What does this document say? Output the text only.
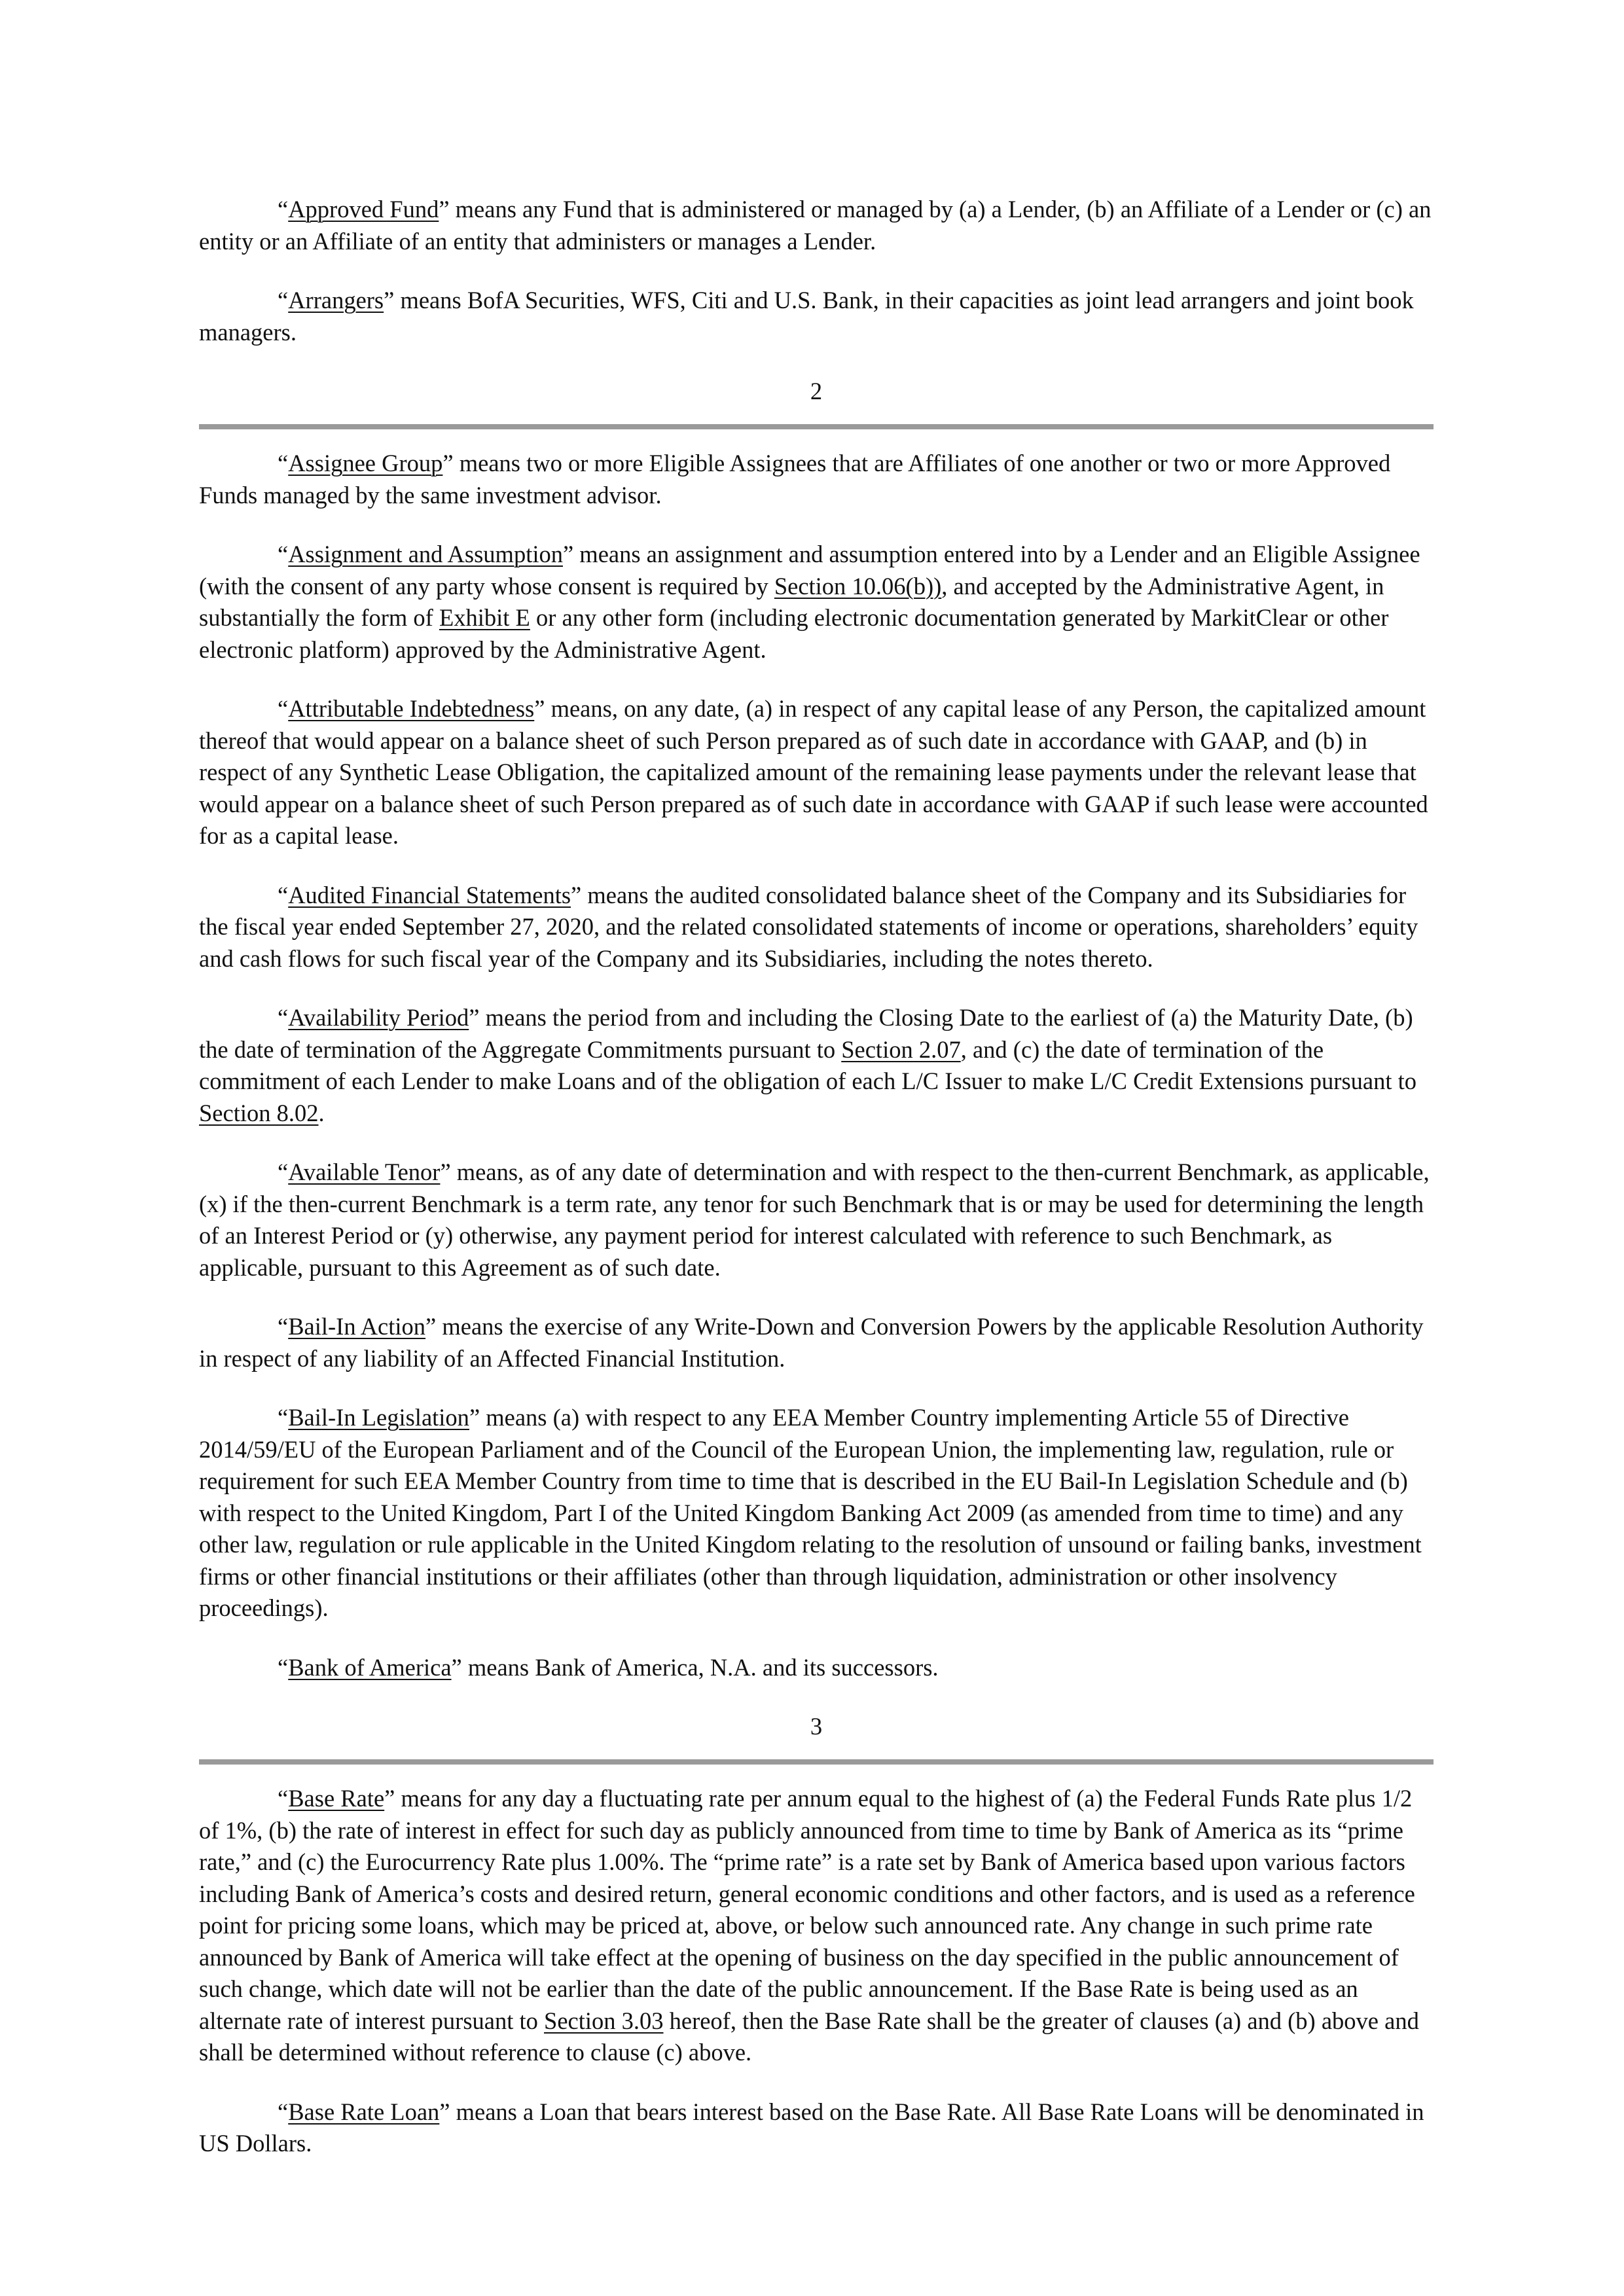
“Approved Fund” means any Fund that is administered or managed by (a) a Lender, (b) an Affiliate of a Lender or (c) an entity or an Affiliate of an entity that administers or manages a Lender.

“Arrangers” means BofA Securities, WFS, Citi and U.S. Bank, in their capacities as joint lead arrangers and joint book managers.

2

“Assignee Group” means two or more Eligible Assignees that are Affiliates of one another or two or more Approved Funds managed by the same investment advisor.

“Assignment and Assumption” means an assignment and assumption entered into by a Lender and an Eligible Assignee (with the consent of any party whose consent is required by Section 10.06(b)), and accepted by the Administrative Agent, in substantially the form of Exhibit E or any other form (including electronic documentation generated by MarkitClear or other electronic platform) approved by the Administrative Agent.

“Attributable Indebtedness” means, on any date, (a) in respect of any capital lease of any Person, the capitalized amount thereof that would appear on a balance sheet of such Person prepared as of such date in accordance with GAAP, and (b) in respect of any Synthetic Lease Obligation, the capitalized amount of the remaining lease payments under the relevant lease that would appear on a balance sheet of such Person prepared as of such date in accordance with GAAP if such lease were accounted for as a capital lease.

“Audited Financial Statements” means the audited consolidated balance sheet of the Company and its Subsidiaries for the fiscal year ended September 27, 2020, and the related consolidated statements of income or operations, shareholders’ equity and cash flows for such fiscal year of the Company and its Subsidiaries, including the notes thereto.

“Availability Period” means the period from and including the Closing Date to the earliest of (a) the Maturity Date, (b) the date of termination of the Aggregate Commitments pursuant to Section 2.07, and (c) the date of termination of the commitment of each Lender to make Loans and of the obligation of each L/C Issuer to make L/C Credit Extensions pursuant to Section 8.02.

“Available Tenor” means, as of any date of determination and with respect to the then-current Benchmark, as applicable, (x) if the then-current Benchmark is a term rate, any tenor for such Benchmark that is or may be used for determining the length of an Interest Period or (y) otherwise, any payment period for interest calculated with reference to such Benchmark, as applicable, pursuant to this Agreement as of such date.

“Bail-In Action” means the exercise of any Write-Down and Conversion Powers by the applicable Resolution Authority in respect of any liability of an Affected Financial Institution.

“Bail-In Legislation” means (a) with respect to any EEA Member Country implementing Article 55 of Directive 2014/59/EU of the European Parliament and of the Council of the European Union, the implementing law, regulation, rule or requirement for such EEA Member Country from time to time that is described in the EU Bail-In Legislation Schedule and (b) with respect to the United Kingdom, Part I of the United Kingdom Banking Act 2009 (as amended from time to time) and any other law, regulation or rule applicable in the United Kingdom relating to the resolution of unsound or failing banks, investment firms or other financial institutions or their affiliates (other than through liquidation, administration or other insolvency proceedings).

“Bank of America” means Bank of America, N.A. and its successors.

3

“Base Rate” means for any day a fluctuating rate per annum equal to the highest of (a) the Federal Funds Rate plus 1/2 of 1%, (b) the rate of interest in effect for such day as publicly announced from time to time by Bank of America as its “prime rate,” and (c) the Eurocurrency Rate plus 1.00%. The “prime rate” is a rate set by Bank of America based upon various factors including Bank of America’s costs and desired return, general economic conditions and other factors, and is used as a reference point for pricing some loans, which may be priced at, above, or below such announced rate. Any change in such prime rate announced by Bank of America will take effect at the opening of business on the day specified in the public announcement of such change, which date will not be earlier than the date of the public announcement. If the Base Rate is being used as an alternate rate of interest pursuant to Section 3.03 hereof, then the Base Rate shall be the greater of clauses (a) and (b) above and shall be determined without reference to clause (c) above.

“Base Rate Loan” means a Loan that bears interest based on the Base Rate. All Base Rate Loans will be denominated in US Dollars.
